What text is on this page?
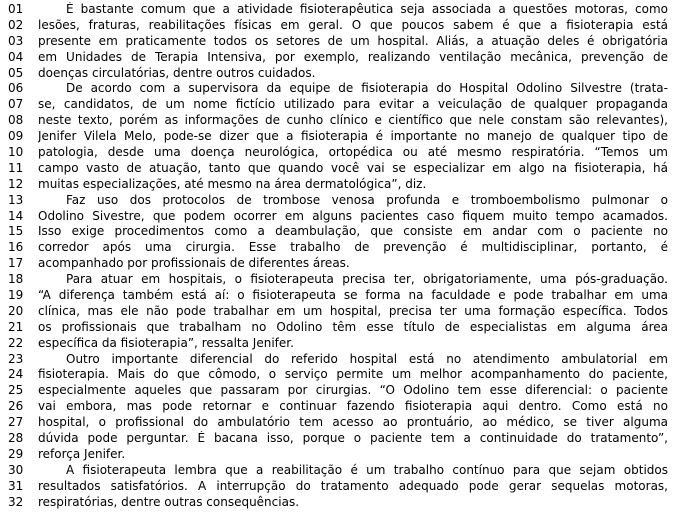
01	É bastante comum que a atividade fisioterapêutica seja associada a questões motoras, como
02	lesões, fraturas, reabilitações físicas em geral. O que poucos sabem é que a fisioterapia está
03	presente em praticamente todos os setores de um hospital. Aliás, a atuação deles é obrigatória
04	em Unidades de Terapia Intensiva, por exemplo, realizando ventilação mecânica, prevenção de
05	doenças circulatórias, dentre outros cuidados.
06	De acordo com a supervisora da equipe de fisioterapia do Hospital Odolino Silvestre (trata-
07	se, candidatos, de um nome fictício utilizado para evitar a veiculação de qualquer propaganda
08	neste texto, porém as informações de cunho clínico e científico que nele constam são relevantes),
09	Jenifer Vilela Melo, pode-se dizer que a fisioterapia é importante no manejo de qualquer tipo de
10	patologia, desde uma doença neurológica, ortopédica ou até mesmo respiratória. “Temos um
11	campo vasto de atuação, tanto que quando você vai se especializar em algo na fisioterapia, há
12	muitas especializações, até mesmo na área dermatológica”, diz.
13	Faz uso dos protocolos de trombose venosa profunda e tromboembolismo pulmonar o
14	Odolino Sivestre, que podem ocorrer em alguns pacientes caso fiquem muito tempo acamados.
15	Isso exige procedimentos como a deambulação, que consiste em andar com o paciente no
16	corredor após uma cirurgia. Esse trabalho de prevenção é multidisciplinar, portanto, é
17	acompanhado por profissionais de diferentes áreas.
18	Para atuar em hospitais, o fisioterapeuta precisa ter, obrigatoriamente, uma pós-graduação.
19	“A diferença também está aí: o fisioterapeuta se forma na faculdade e pode trabalhar em uma
20	clínica, mas ele não pode trabalhar em um hospital, precisa ter uma formação específica. Todos
21	os profissionais que trabalham no Odolino têm esse título de especialistas em alguma área
22	específica da fisioterapia”, ressalta Jenifer.
23	Outro importante diferencial do referido hospital está no atendimento ambulatorial em
24	fisioterapia. Mais do que cômodo, o serviço permite um melhor acompanhamento do paciente,
25	especialmente aqueles que passaram por cirurgias. “O Odolino tem esse diferencial: o paciente
26	vai embora, mas pode retornar e continuar fazendo fisioterapia aqui dentro. Como está no
27	hospital, o profissional do ambulatório tem acesso ao prontuário, ao médico, se tiver alguma
28	dúvida pode perguntar. É bacana isso, porque o paciente tem a continuidade do tratamento”,
29	reforça Jenifer.
30	A fisioterapeuta lembra que a reabilitação é um trabalho contínuo para que sejam obtidos
31	resultados satisfatórios. A interrupção do tratamento adequado pode gerar sequelas motoras,
32	respiratórias, dentre outras consequências.
